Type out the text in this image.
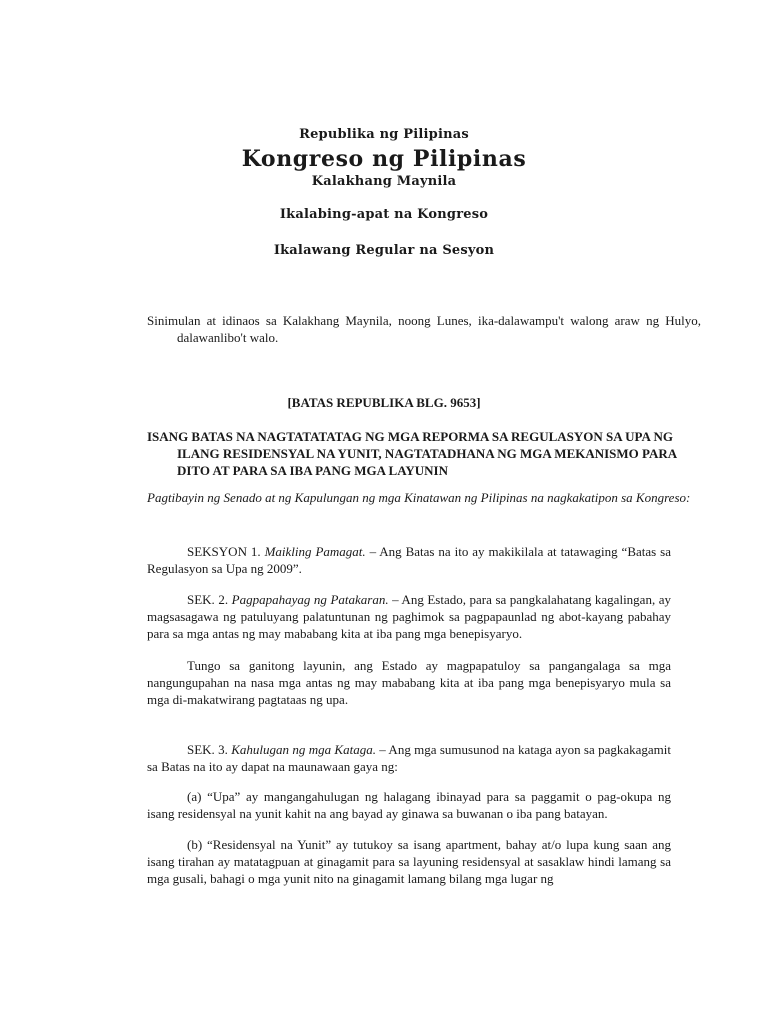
Republika ng Pilipinas
Kongreso ng Pilipinas
Kalakhang Maynila
Ikalabing-apat na Kongreso
Ikalawang Regular na Sesyon
Sinimulan at idinaos sa Kalakhang Maynila, noong Lunes, ika-dalawampu't walong araw ng Hulyo, dalawanlibo't walo.
[BATAS REPUBLIKA BLG. 9653]
ISANG BATAS NA NAGTATATATAG NG MGA REPORMA SA REGULASYON SA UPA NG ILANG RESIDENSYAL NA YUNIT, NAGTATADHANA NG MGA MEKANISMO PARA DITO AT PARA SA IBA PANG MGA LAYUNIN
Pagtibayin ng Senado at ng Kapulungan ng mga Kinatawan ng Pilipinas na nagkakatipon sa Kongreso:
SEKSYON 1. Maikling Pamagat. – Ang Batas na ito ay makikilala at tatawaging “Batas sa Regulasyon sa Upa ng 2009”.
SEK. 2. Pagpapahayag ng Patakaran. – Ang Estado, para sa pangkalahatang kagalingan, ay magsasagawa ng patuluyang palatuntunan ng paghimok sa pagpapaunlad ng abot-kayang pabahay para sa mga antas ng may mababang kita at iba pang mga benepisyaryo.
Tungo sa ganitong layunin, ang Estado ay magpapatuloy sa pangangalaga sa mga nangungupahan na nasa mga antas ng may mababang kita at iba pang mga benepisyaryo mula sa mga di-makatwirang pagtataas ng upa.
SEK. 3. Kahulugan ng mga Kataga. – Ang mga sumusunod na kataga ayon sa pagkakagamit sa Batas na ito ay dapat na maunawaan gaya ng:
(a) “Upa” ay mangangahulugan ng halagang ibinayad para sa paggamit o pag-okupa ng isang residensyal na yunit kahit na ang bayad ay ginawa sa buwanan o iba pang batayan.
(b) “Residensyal na Yunit” ay tutukoy sa isang apartment, bahay at/o lupa kung saan ang isang tirahan ay matatagpuan at ginagamit para sa layuning residensyal at sasaklaw hindi lamang sa mga gusali, bahagi o mga yunit nito na ginagamit lamang bilang mga lugar ng
